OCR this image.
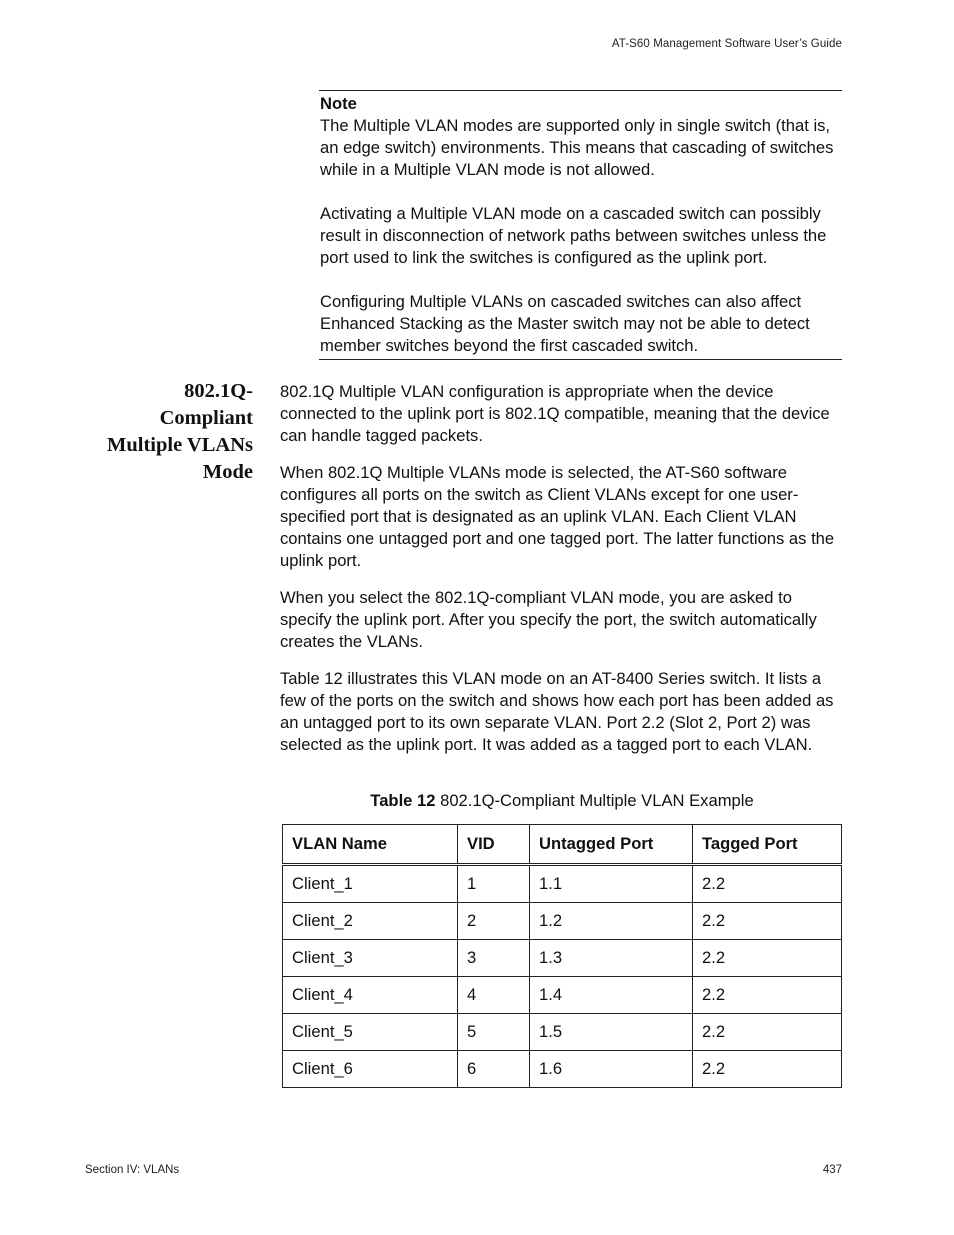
AT-S60 Management Software User’s Guide
Note

The Multiple VLAN modes are supported only in single switch (that is, an edge switch) environments. This means that cascading of switches while in a Multiple VLAN mode is not allowed.

Activating a Multiple VLAN mode on a cascaded switch can possibly result in disconnection of network paths between switches unless the port used to link the switches is configured as the uplink port.

Configuring Multiple VLANs on cascaded switches can also affect Enhanced Stacking as the Master switch may not be able to detect member switches beyond the first cascaded switch.

802.1Q-
Compliant
Multiple VLANs
Mode

802.1Q Multiple VLAN configuration is appropriate when the device connected to the uplink port is 802.1Q compatible, meaning that the device can handle tagged packets.

When 802.1Q Multiple VLANs mode is selected, the AT-S60 software configures all ports on the switch as Client VLANs except for one user-specified port that is designated as an uplink VLAN. Each Client VLAN contains one untagged port and one tagged port. The latter functions as the uplink port.

When you select the 802.1Q-compliant VLAN mode, you are asked to specify the uplink port. After you specify the port, the switch automatically creates the VLANs.

Table 12 illustrates this VLAN mode on an AT-8400 Series switch. It lists a few of the ports on the switch and shows how each port has been added as an untagged port to its own separate VLAN. Port 2.2 (Slot 2, Port 2) was selected as the uplink port. It was added as a tagged port to each VLAN.

Table 12 802.1Q-Compliant Multiple VLAN Example
VLAN Name	VID	Untagged Port	Tagged Port
Client_1	1	1.1	2.2
Client_2	2	1.2	2.2
Client_3	3	1.3	2.2
Client_4	4	1.4	2.2
Client_5	5	1.5	2.2
Client_6	6	1.6	2.2
Section IV: VLANs	437
